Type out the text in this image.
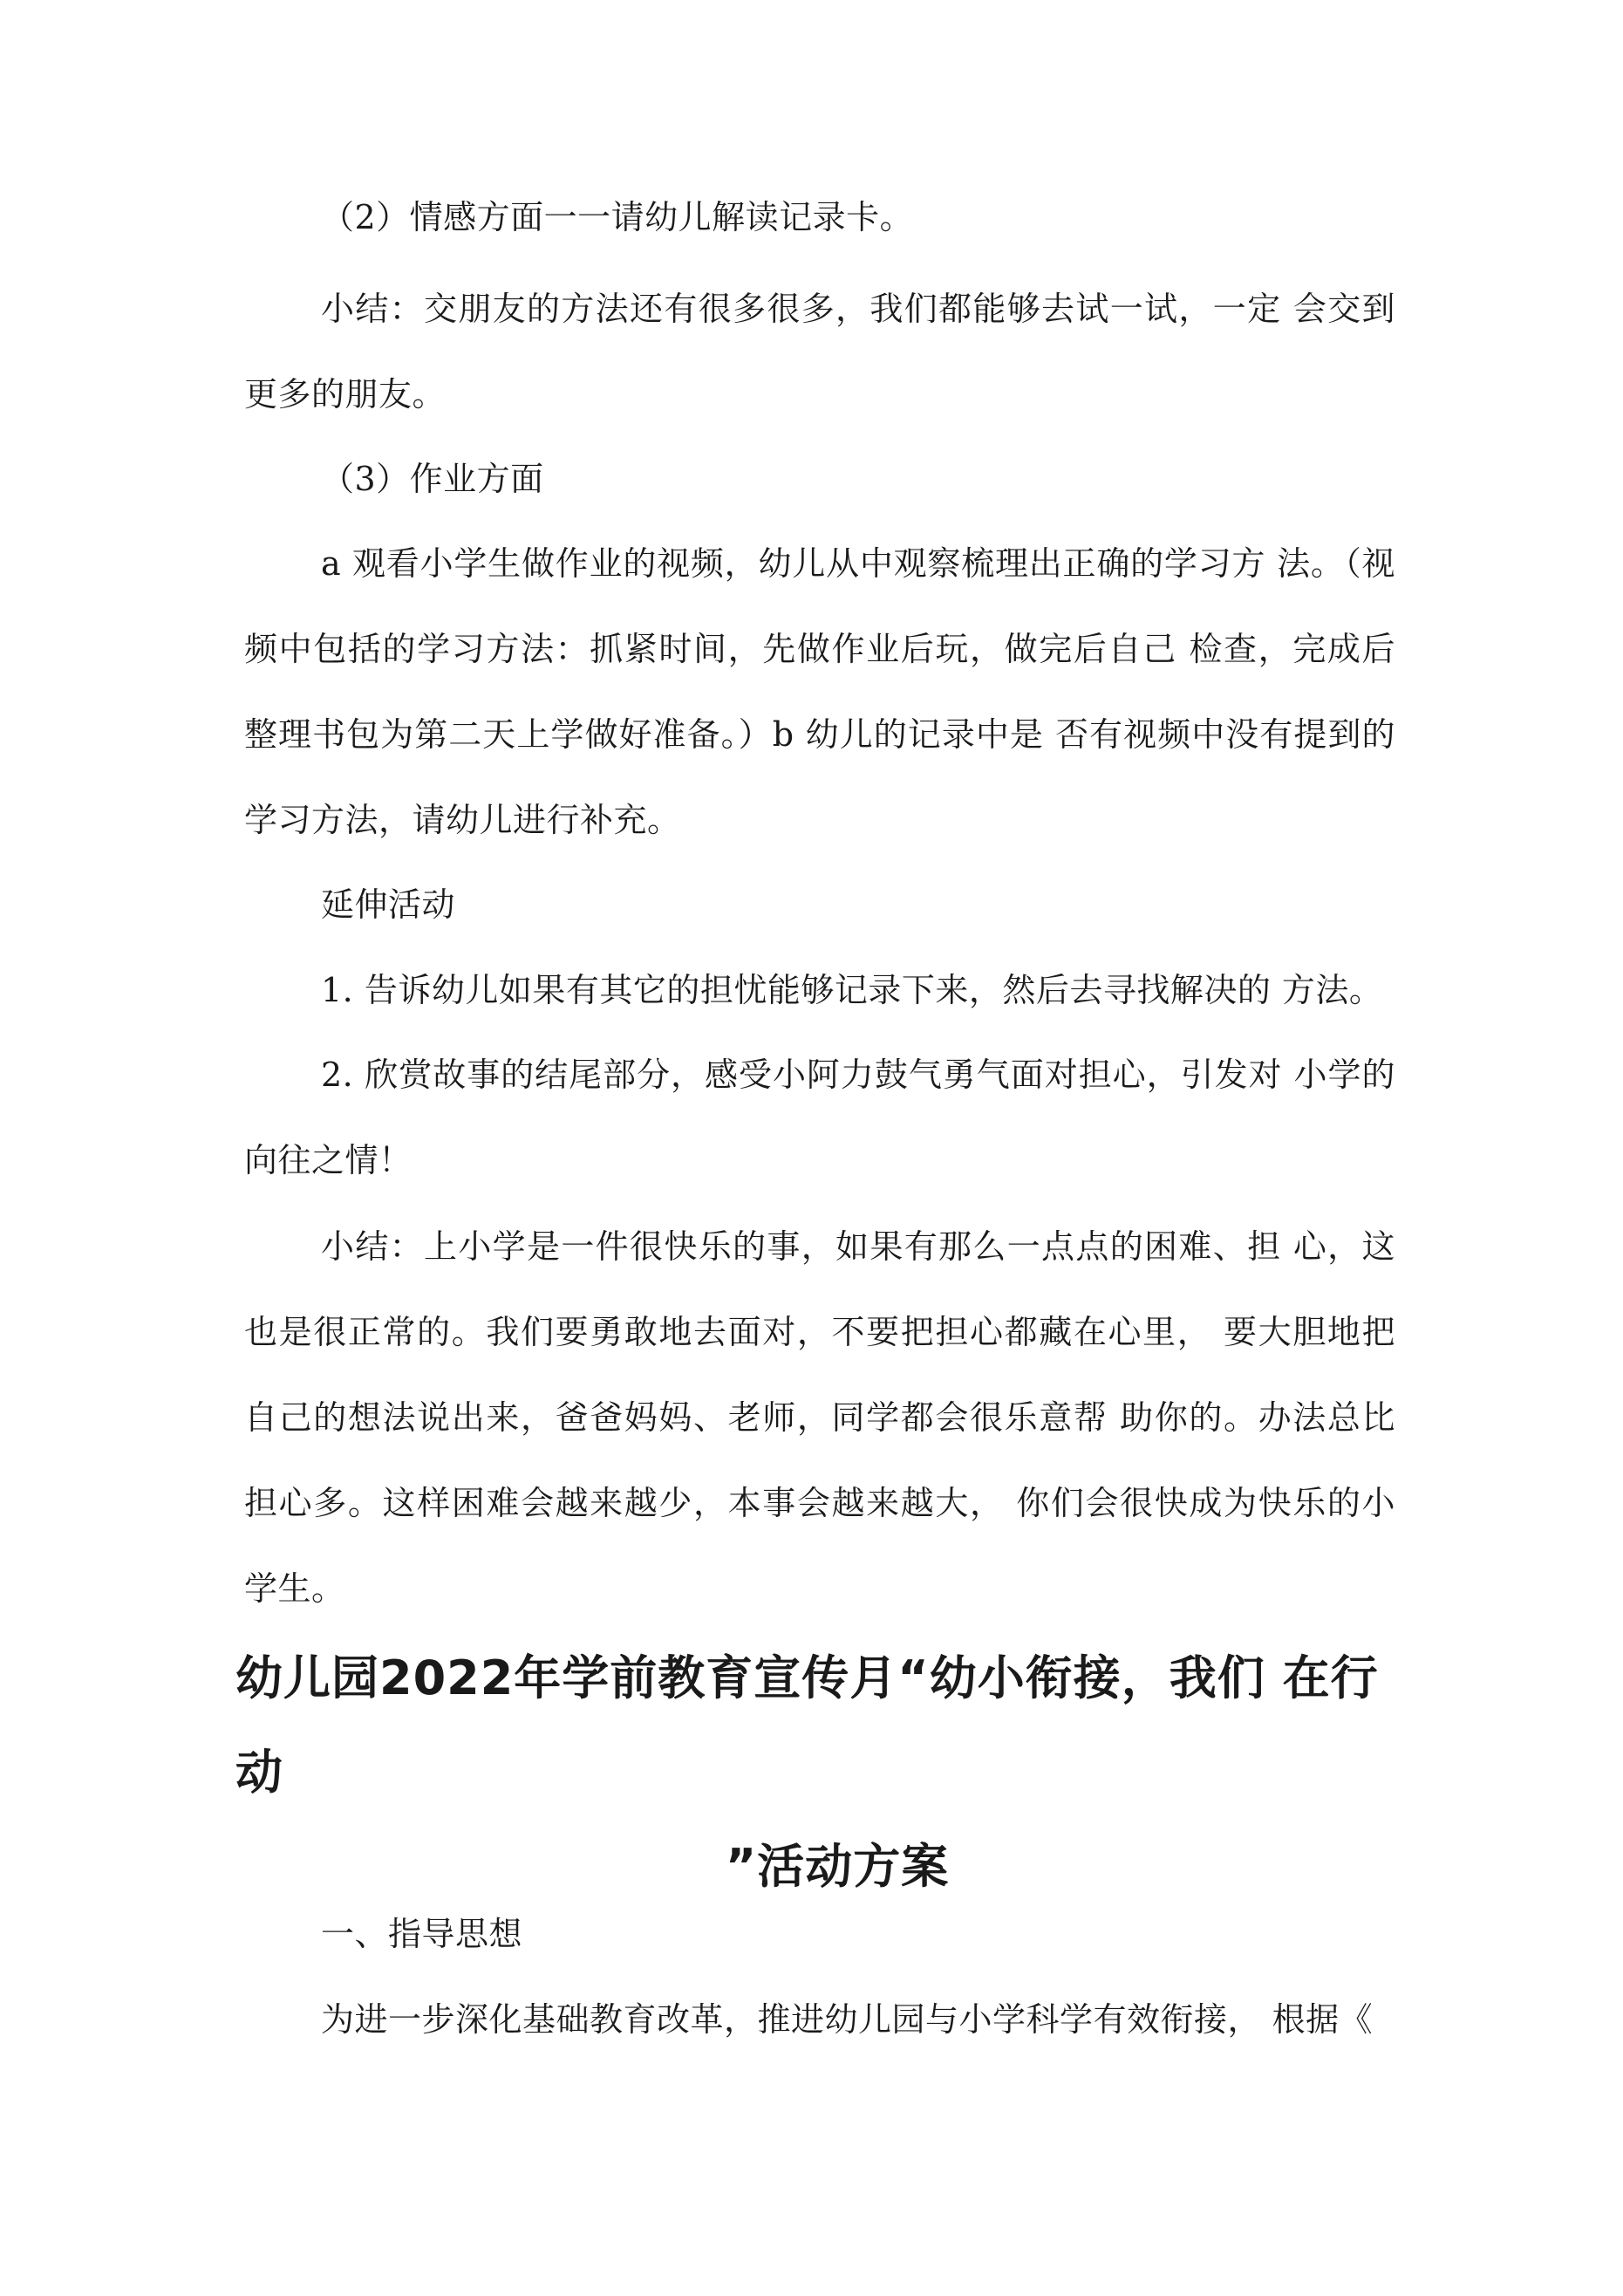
（2）情感方面一一请幼儿解读记录卡。

小结：交朋友的方法还有很多很多，我们都能够去试一试，一定 会交到更多的朋友。

（3）作业方面

a 观看小学生做作业的视频，幼儿从中观察梳理出正确的学习方 法。（视频中包括的学习方法：抓紧时间，先做作业后玩，做完后自己 检查，完成后整理书包为第二天上学做好准备。）b 幼儿的记录中是 否有视频中没有提到的学习方法，请幼儿进行补充。

延伸活动

1. 告诉幼儿如果有其它的担忧能够记录下来，然后去寻找解决的 方法。

2. 欣赏故事的结尾部分，感受小阿力鼓气勇气面对担心，引发对 小学的向往之情！

小结：上小学是一件很快乐的事，如果有那么一点点的困难、担 心，这也是很正常的。我们要勇敢地去面对，不要把担心都藏在心里， 要大胆地把自己的想法说出来，爸爸妈妈、老师，同学都会很乐意帮 助你的。办法总比担心多。这样困难会越来越少，本事会越来越大， 你们会很快成为快乐的小学生。

幼儿园2022年学前教育宣传月“幼小衔接，我们 在行动
”活动方案

一、指导思想

为进一步深化基础教育改革，推进幼儿园与小学科学有效衔接， 根据《
